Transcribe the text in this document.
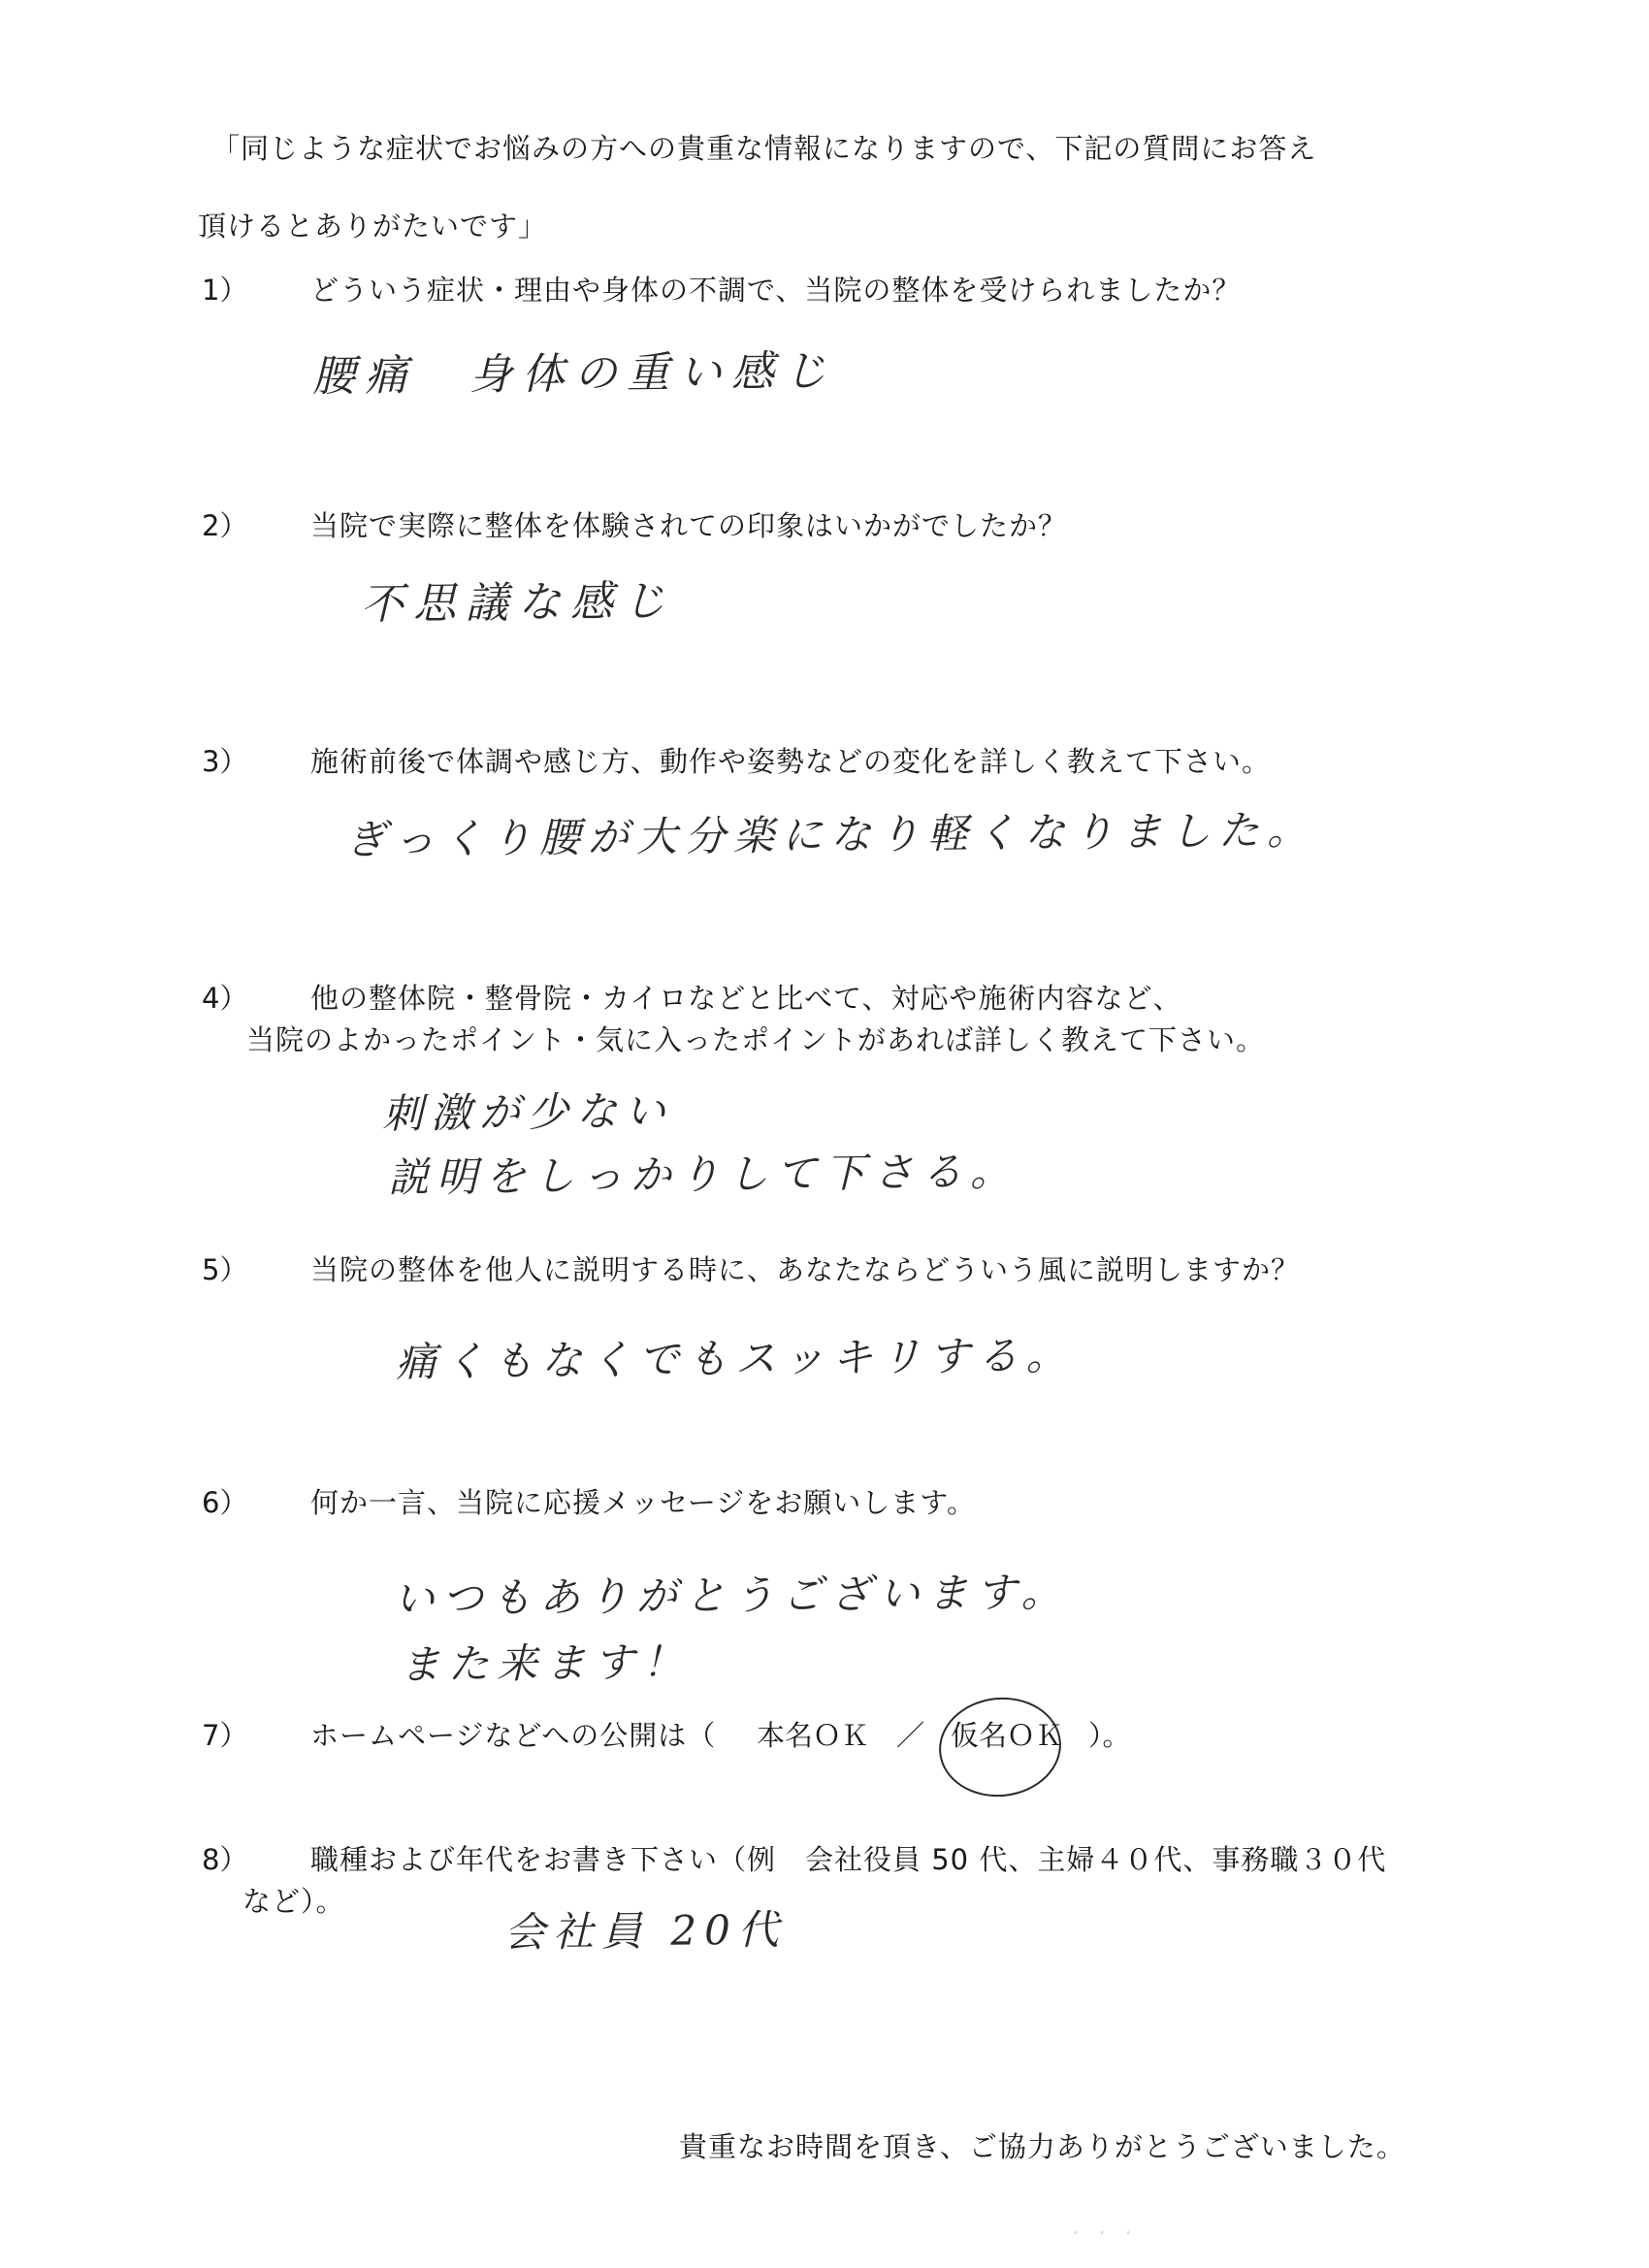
「同じような症状でお悩みの方への貴重な情報になりますので、下記の質問にお答え
頂けるとありがたいです」
1） どういう症状・理由や身体の不調で、当院の整体を受けられましたか？
腰痛　身体の重い感じ
2） 当院で実際に整体を体験されての印象はいかがでしたか？
不思議な感じ
3） 施術前後で体調や感じ方、動作や姿勢などの変化を詳しく教えて下さい。
ぎっくり腰が大分楽になり軽くなりました。
4） 他の整体院・整骨院・カイロなどと比べて、対応や施術内容など、
当院のよかったポイント・気に入ったポイントがあれば詳しく教えて下さい。
刺激が少ない
説明をしっかりして下さる。
5） 当院の整体を他人に説明する時に、あなたならどういう風に説明しますか？
痛くもなくでもスッキリする。
6） 何か一言、当院に応援メッセージをお願いします。
いつもありがとうございます。
また来ます！
7） ホームページなどへの公開は（ 本名ＯＫ ／ 仮名ＯＫ ）。
8） 職種および年代をお書き下さい（例　会社役員 50 代、主婦４０代、事務職３０代
など）。
会社員 20代
貴重なお時間を頂き、ご協力ありがとうございました。
· · ·
